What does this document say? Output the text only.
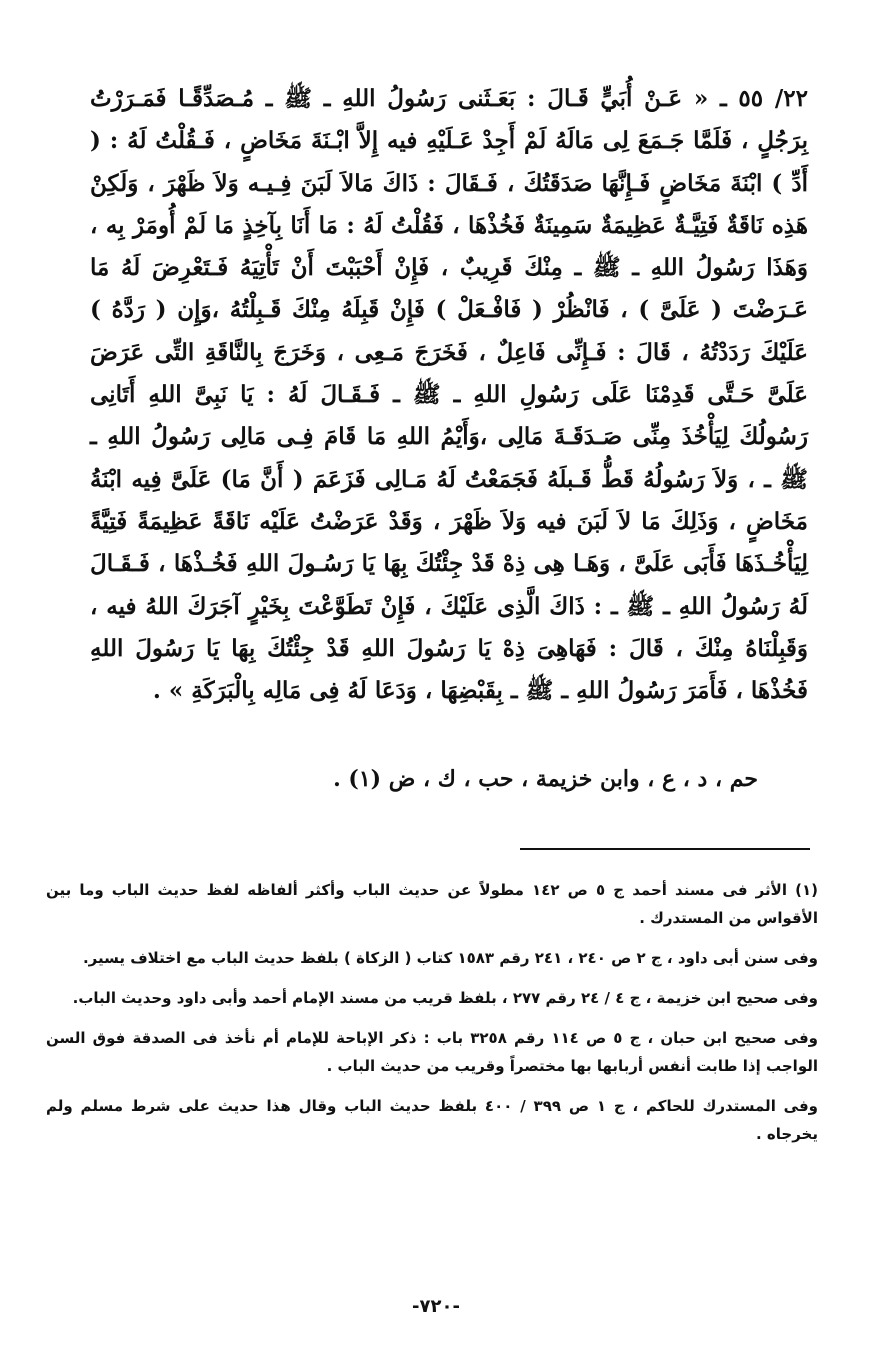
٢٢/ ٥٥ ـ « عَـنْ أُبَيٍّ قَـالَ : بَعَـثَنى رَسُولُ اللهِ ـ ﷺ ـ مُـصَدِّقًـا فَمَـرَرْتُ بِرَجُلٍ ، فَلَمَّا جَـمَعَ لِى مَالَهُ لَمْ أَجِدْ عَـلَيْهِ فيه إِلاَّ ابْـنَةَ مَخَاضٍ ، فَـقُلْتُ لَهُ : ( أَدِّ ) ابْنَةَ مَخَاضٍ فَـإِنَّهَا صَدَقَتُكَ ، فَـقَالَ : ذَاكَ مَالاَ لَبَنَ فِـيـه وَلاَ ظَهْرَ ، وَلَكِنْ هَذِه نَاقَةٌ فَتِيَّـةٌ عَظِيمَةٌ سَمِينَةٌ فَخُذْهَا ، فَقُلْتُ لَهُ : مَا أَنَا بِآخِذٍ مَا لَمْ أُومَرْ بِه ، وَهَذَا رَسُولُ اللهِ ـ ﷺ ـ مِنْكَ قَرِيبٌ ، فَإِنْ أَحْبَبْتَ أَنْ تَأْتِيَهُ فَـتَعْرِضَ لَهُ مَا عَـرَضْتَ ( عَلَىَّ ) ، فَانْظُرْ ( فَافْـعَلْ ) فَإِنْ قَبِلَهُ مِنْكَ قَـبِلْتُهُ ،وَإِن ( رَدَّهُ ) عَلَيْكَ رَدَدْتُهُ ، قَالَ : فَـإِنِّى فَاعِلٌ ، فَخَرَجَ مَـعِى ، وَخَرَجَ بِالنَّاقَةِ التِّى عَرَضَ عَلَىَّ حَـتَّى قَدِمْنَا عَلَى رَسُولِ اللهِ ـ ﷺ ـ فَـقَـالَ لَهُ : يَا نَبِىَّ اللهِ أَتَانِى رَسُولُكَ لِيَأْخُذَ مِنِّى صَـدَقَـةَ مَالِى ،وَأَيْمُ اللهِ مَا قَامَ فِـى مَالِى رَسُولُ اللهِ ـ ﷺ ـ ، وَلاَ رَسُولُهُ قَطُّ قَـبلَهُ فَجَمَعْتُ لَهُ مَـالِى فَزَعَمَ ( أَنَّ مَا) عَلَىَّ فِيه ابْنَةُ مَخَاضٍ ، وَذَلِكَ مَا لاَ لَبَنَ فيه وَلاَ ظَهْرَ ، وَقَدْ عَرَضْتُ عَلَيْه نَاقَةً عَظِيمَةً فَتِيَّةً لِيَأْخُـذَهَا فَأَبَى عَلَىَّ ، وَهَـا هِى ذِهْ قَدْ جِئْتُكَ بِهَا يَا رَسُـولَ اللهِ فَخُـذْهَا ، فَـقَـالَ لَهُ رَسُولُ اللهِ ـ ﷺ ـ : ذَاكَ الَّذِى عَلَيْكَ ، فَإِنْ تَطَوَّعْتَ بِخَيْرٍ آجَرَكَ اللهُ فيه ، وَقَبِلْنَاهُ مِنْكَ ، قَالَ : فَهَاهِىَ ذِهْ يَا رَسُولَ اللهِ قَدْ جِئْتُكَ بِهَا يَا رَسُولَ اللهِ فَخُذْهَا ، فَأَمَرَ رَسُولُ اللهِ ـ ﷺ ـ بِقَبْضِهَا ، وَدَعَا لَهُ فِى مَالِه بِالْبَرَكَةِ » .

حم ، د ، ع ، وابن خزيمة ، حب ، ك ، ض (١) .

(١) الأثر فى مسند أحمد ج ٥ ص ١٤٢ مطولاً عن حديث الباب وأكثر ألفاظه لفظ حديث الباب وما بين الأقواس من المستدرك .

وفى سنن أبى داود ، ج ٢ ص ٢٤٠ ، ٢٤١ رقم ١٥٨٣ كتاب ( الزكاة ) بلفظ حديث الباب مع اختلاف يسير.

وفى صحيح ابن خزيمة ، ج ٤ / ٢٤ رقم ٢٧٧ ، بلفظ قريب من مسند الإمام أحمد وأبى داود وحديث الباب.

وفى صحيح ابن حبان ، ج ٥ ص ١١٤ رقم ٣٢٥٨ باب : ذكر الإباحة للإمام أم نأخذ فى الصدقة فوق السن الواجب إذا طابت أنفس أربابها بها مختصراً وقريب من حديث الباب .

وفى المستدرك للحاكم ، ج ١ ص ٣٩٩ / ٤٠٠ بلفظ حديث الباب وقال هذا حديث على شرط مسلم ولم يخرجاه .

-٧٢٠-
